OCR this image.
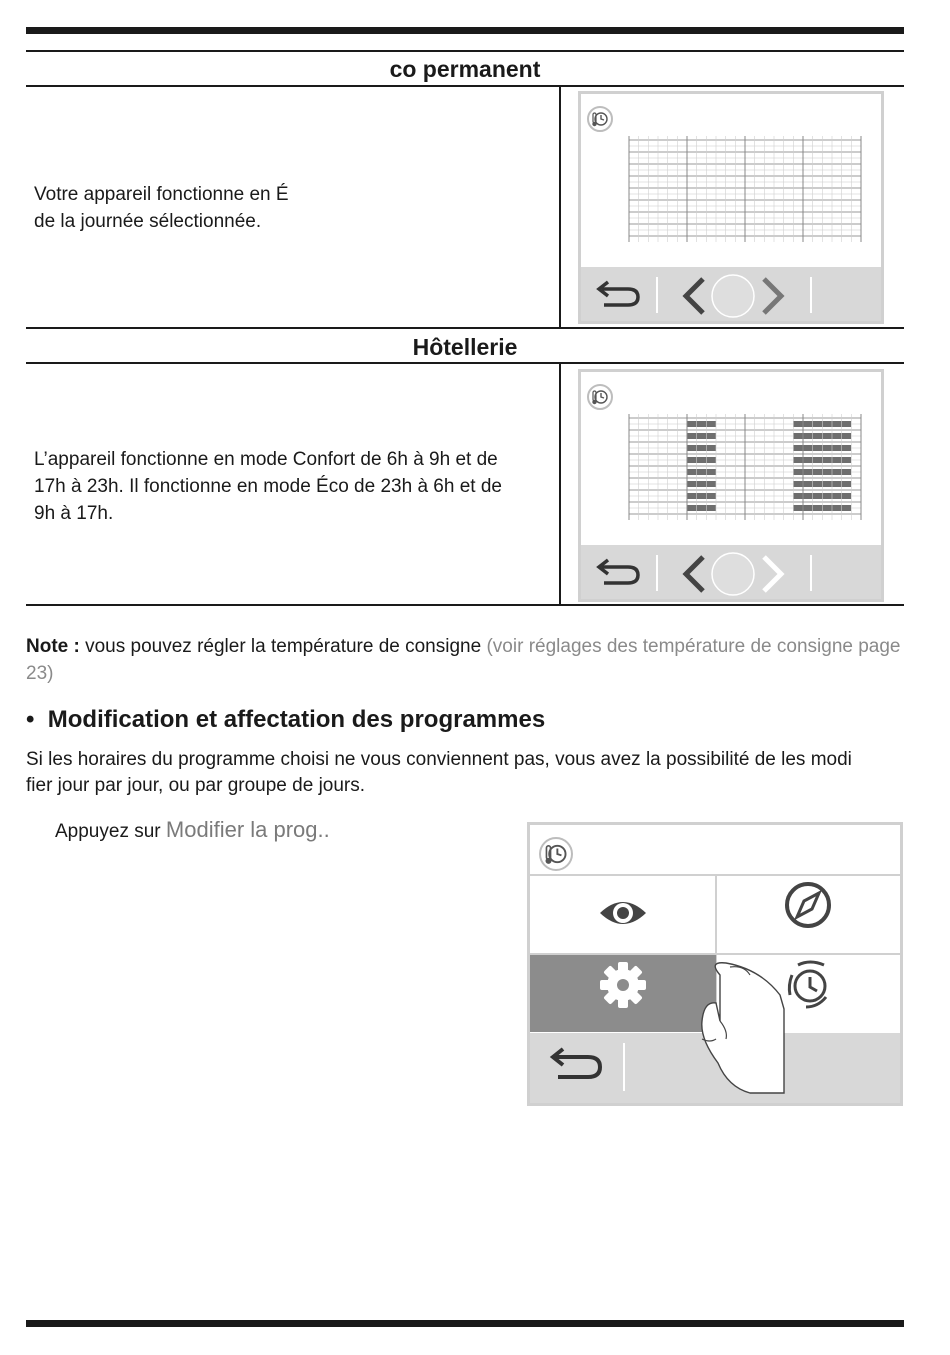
co permanent
Votre appareil fonctionne en É
de la journée sélectionnée.
Hôtellerie
L’appareil fonctionne en mode Confort de 6h à 9h et de
17h à 23h. Il fonctionne en mode Éco de 23h à 6h et de
9h à 17h.
Note : vous pouvez régler la température de consigne (voir réglages des température de consigne page 23)
• Modification et affectation des programmes
Si les horaires du programme choisi ne vous conviennent pas, vous avez la possibilité de les modi
fier jour par jour, ou par groupe de jours.
Appuyez sur Modifier la prog..
